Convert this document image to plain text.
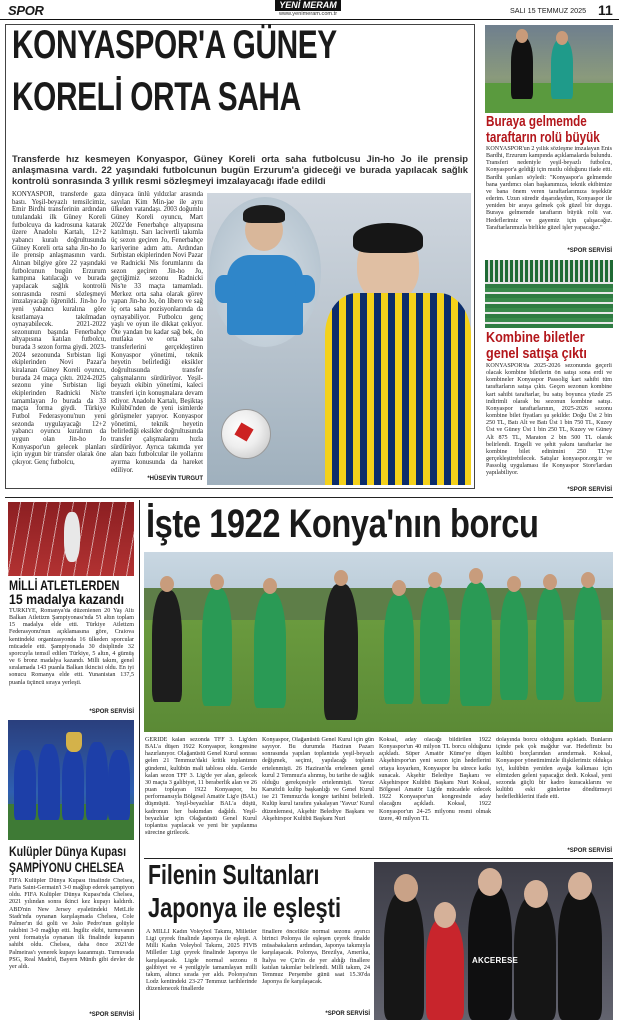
SPOR	YENİ MERAM
www.yenimeram.com.tr	SALI 15 TEMMUZ 2025 11
KONYASPOR'A GÜNEY
KORELİ ORTA SAHA
Transferde hız kesmeyen Konyaspor, Güney Koreli orta saha futbolcusu Jin-ho Jo ile prensip anlaşmasına vardı. 22 yaşındaki futbolcunun bugün Erzurum'a gideceği ve burada yapılacak sağlık kontrolü sonrasında 3 yıllık resmi sözleşmeyi imzalayacağı ifade edildi
KONYASPOR, transferde gaza bastı. Yeşil-beyazlı temsilcimiz, Emir Birdhi transferinin ardından tutulandaki ilk Güney Koreli futbolcuya da kadrosuna katarak üzere Anadolu Kartalı, 12+2 yabancı kuralı doğrultusunda Güney Koreli orta saha Jin-ho Jo ile prensip anlaşmasının vardı. Alınan bilgiye göre 22 yaşındaki futbolcunun bugün Erzurum kampına katılacağı ve burada yapılacak sağlık kontrolü sonrasında resmi sözleşmeyi imzalayacağı öğrenildi. Jin-ho Jo yeni yabancı kuralına göre kısıtlamaya takılmadan oynayabilecek. 2021-2022 sezonunun başında Fenerbahçe altyapısına katılan futbolcu, burada 3 sezon forma giydi. 2023-2024 sezonunda Sırbistan ligi ekiplerinden Novi Pazar'a kiralanan Güney Koreli oyuncu, burada 24 maça çıktı. 2024-2025 sezonu yine Sırbistan ligi ekiplerinden Radnicki Nis'te tamamlayan Jo burada da 33 maçta forma giydi. Türkiye Futbol Federasyonu'nun yeni sezonda uygulayacağı 12+2 yabancı oyuncu kuralının da uygun olan Jin-ho Jo Konyaspor'un gelecek planları için uygun bir transfer olarak öne çıkıyor. Genç futbolcu,
dünyaca ünlü yıldızlar arasında sayılan Kim Min-jae ile aynı ülkeden vatandaşı. 2003 doğumlu Güney Koreli oyuncu, Mart 2022'de Fenerbahçe altyapısına katılmıştı. Sarı lacivertli takımla üç sezon geçiren Jo, Fenerbahçe kariyerine adım attı. Ardından Sırbistan ekiplerinden Novi Pazar ve Radnicki Nis forumlarını da sezon geçiren Jin-ho Jo, geçtiğimiz sezonu Radnicki Nis'te 33 maçta tamamladı. Merkez orta saha olarak görev yapan Jin-ho Jo, ön libero ve sağ iç orta saha pozisyonlarında da oynayabiliyor. Futbolcu genç yaşlı ve oyun ile dikkat çekiyor. Öte yandan bu kadar sağ bek, ön mutlaka ve orta saha transferlerini gerçekleştiren Konyaspor yönetimi, teknik heyetin belirlediği eksikler doğrultusunda transfer çalışmalarını sürdürüyor. Yeşil-beyazlı ekibin yönetimi, kaleci transferi için konuşmalara devam ediyor. Anadolu Kartalı, Beşiktaş Kulübü'nden de yeni isimlerde görüşmeler yapıyor. Konyaspor yönetimi, teknik heyetin belirlediği eksikler doğrultusunda transfer çalışmalarını hızla sürdürüyor. Ayrıca takımda yer alan bazı futbolcular ile yollarını ayırma konusunda da hareket ediliyor.
*HÜSEYİN TURGUT
Buraya gelmemde
taraftarın rolü büyük
KONYASPOR'un 2 yıllık sözleşme imzalayan Enis Bardhi, Erzurum kampında açıklamalarda bulundu. Transferi nedeniyle yeşil-beyazlı futbolcu, Konyaspor'a geldiği için mutlu olduğunu ifade etti. Bardhi şunları söyledi: "Konyaspor'a gelmemde bana yardımcı olan başkanımıza, teknik ekibimize ve bana önem veren taraftarlarımıza teşekkür ederim. Uzun süredir dışarıdaydım, Konyaspor ile yeniden bir araya gelmek çok güzel bir duygu. Buraya gelmemde taraftarın büyük rolü var. Hedeflerimiz ve gayemiz için çalışacağız. Taraftarlarımızla birlikte güzel işler yapacağız."
*SPOR SERVİSİ
Kombine biletler
genel satışa çıktı
KONYASPOR'da 2025-2026 sezonunda geçerli olacak kombine biletlerin ön satışı sona erdi ve kombineler Konyaspor Passolig kart sahibi tüm taraftarların satışa çıktı. Geçen sezonun kombine kart sahibi taraftarlar, bu satış boyunca yüzde 25 indirimli olarak bu sezonun kombine satışı. Konyaspor taraftarlarının, 2025-2026 sezonu kombine bilet fiyatları şu şekilde: Doğu Üst 2 bin 250 TL, Batı Alt ve Batı Üst 1 bin 750 TL, Kuzey Üst ve Güney Üst 1 bin 250 TL, Kuzey ve Güney Alt 875 TL, Maraton 2 bin 500 TL olarak belirlendi. Engelli ve şehit yakını taraftarlar ise kombine bilet edinimini 250 TL'ye gerçekleştirebilecek. Satışlar konyaspor.org.tr ve Passolig uygulaması ile Konyaspor Store'lardan yapılabiliyor.
*SPOR SERVİSİ
MİLLİ ATLETLERDEN
15 madalya kazandı
TÜRKİYE, Romanya'da düzenlenen 20 Yaş Altı Balkan Atletizm Şampiyonası'nda 5'i altın toplam 15 madalya elde etti. Türkiye Atletizm Federasyonu'nun açıklamasına göre, Craiova kentindeki organizasyonda 16 ülkeden sporcular mücadele etti. Şampiyonada 30 disiplinde 32 sporcuyla temsil edilen Türkiye, 5 altın, 4 gümüş ve 6 bronz madalya kazandı. Milli takım, genel sıralamada 143 puanla Balkan ikincisi oldu. En iyi sonucu Romanya elde etti. Yunanistan 137,5 puanla üçüncü sıraya yerleşti.
*SPOR SERVİSİ
Kulüpler Dünya Kupası
ŞAMPİYONU CHELSEA
FIFA Kulüpler Dünya Kupası finalinde Chelsea, Paris Saint-Germain'i 3-0 mağlup ederek şampiyon oldu. FIFA Kulüpler Dünya Kupası'nda Chelsea, 2021 yılından sonra ikinci kez kupayı kaldırdı. ABD'nin New Jersey eyaletindeki MetLife Stadı'nda oynanan karşılaşmada Chelsea, Cole Palmer'ın iki golü ve João Pedro'nun golüyle rakibini 3-0 mağlup etti. İngiliz ekibi, turnuvanın yeni formatıyla oynanan ilk finalinde kupanın sahibi oldu. Chelsea, daha önce 2021'de Palmeiras'ı yenerek kupayı kazanmıştı. Turnuvada PSG, Real Madrid, Bayern Münih gibi devler de yer aldı.
*SPOR SERVİSİ
İşte 1922 Konya'nın borcu
GERİDE kalan sezonda TFF 3. Lig'den BAL'a düşen 1922 Konyaspor, kongresine hazırlanıyor. Olağanüstü Genel Kurul sonrası gelen 21 Temmuz'daki kritik toplantının gündemi, kulübün mali tablosu oldu. Geride kalan sezon TFF 3. Lig'de yer alan, gelecek 30 maçta 3 galibiyet, 11 beraberlik alan ve 26 puan toplayan 1922 Konyaspor, bu performansıyla Bölgesel Amatör Lig'e (BAL) düşmüştü. Yeşil-beyazlılar BAL'a düştü, kadronun her bakımdan dağıldı. Yeşil-beyazlılar için Olağanüstü Genel Kurul toplantısı yapılacak ve yeni bir yapılanma sürecine girilecek.
Konyaspor, Olağanüstü Genel Kurul için gün sayıyor. Bu durumda Haziran Pazarı sonrasında yapılan toplantıda yeşil-beyazlı değişmek, seçimi, yapılacağı toplantı ertelenmişti. 26 Haziran'da ertelenen genel kurul 2 Temmuz'a alınmış, bu tarihe de sağlık olduğu gerekçesiyle ertelenmişti. Yavuz Karuözlü kulüp başkanlığı ve Genel Kurul ise 21 Temmuz'da kongre tarihini belirledi. Kulüp kurul tarafını yakalayan 'Yavuz' Kurul düzenlemesi, Akşehir Belediye Başkanı ve Akşehirspor Kulübü Başkanı Nuri
Koksal, aday olacağı bildirilen 1922 Konyaspor'un 40 milyon TL borcu olduğunu açıkladı. Süper Amatör Küme'ye düşen Akşehirspor'un yeni sezon için hedeflerini ortaya koyarken, Konyaspor bu sürece katkı sunacak. Akşehir Belediye Başkanı ve Akşehirspor Kulübü Başkanı Nuri Koksal, Bölgesel Amatör Lig'de mücadele edecek 1922 Konyaspor'un kongresinde aday olacağını açıkladı. Koksal, 1922 Konyaspor'un 24-25 milyonu resmi olmak üzere, 40 milyon TL
dolayında borcu olduğunu açıkladı. Bunların içinde pek çok mağdur var. Hedefimiz bu kulübü borçlarından arındırmak. Koksal, Konyaspor yönetimimizle ilişkilerimiz oldukça iyi, kulübün yeniden ayağa kalkması için elimizden geleni yapacağız dedi. Koksal, yeni sezonda güçlü bir kadro kuracaklarını ve kulübü eski günlerine döndürmeyi hedeflediklerini ifade etti.
*SPOR SERVİSİ
Filenin Sultanları
Japonya ile eşleşti
A MİLLİ Kadın Voleybol Takımı, Milletler Ligi çeyrek finalinde Japonya ile eşleşti. A Milli Kadın Voleybol Takımı, 2025 FIVB Milletler Ligi çeyrek finalinde Japonya ile karşılaşacak. Ligde normal sezonu 8 galibiyet ve 4 yenilgiyle tamamlayan milli takım, altıncı sırada yer aldı. Polonya'nın Lodz kentindeki 23-27 Temmuz tarihlerinde düzenlenecek finallerde
finallere öncelikle normal sezonu ayırıcı birinci Polonya ile eşleşen çeyrek finalde müsabakaların ardından, Japonya takımıyla karşılaşacak. Polonya, Brezilya, Amerika, İtalya ve Çin'in de yer aldığı finallere katılan takımlar belirlendi. Milli takım, 24 Temmuz Perşembe günü saat 15.30'da Japonya ile karşılaşacak.
*SPOR SERVİSİ
AKCERESE
